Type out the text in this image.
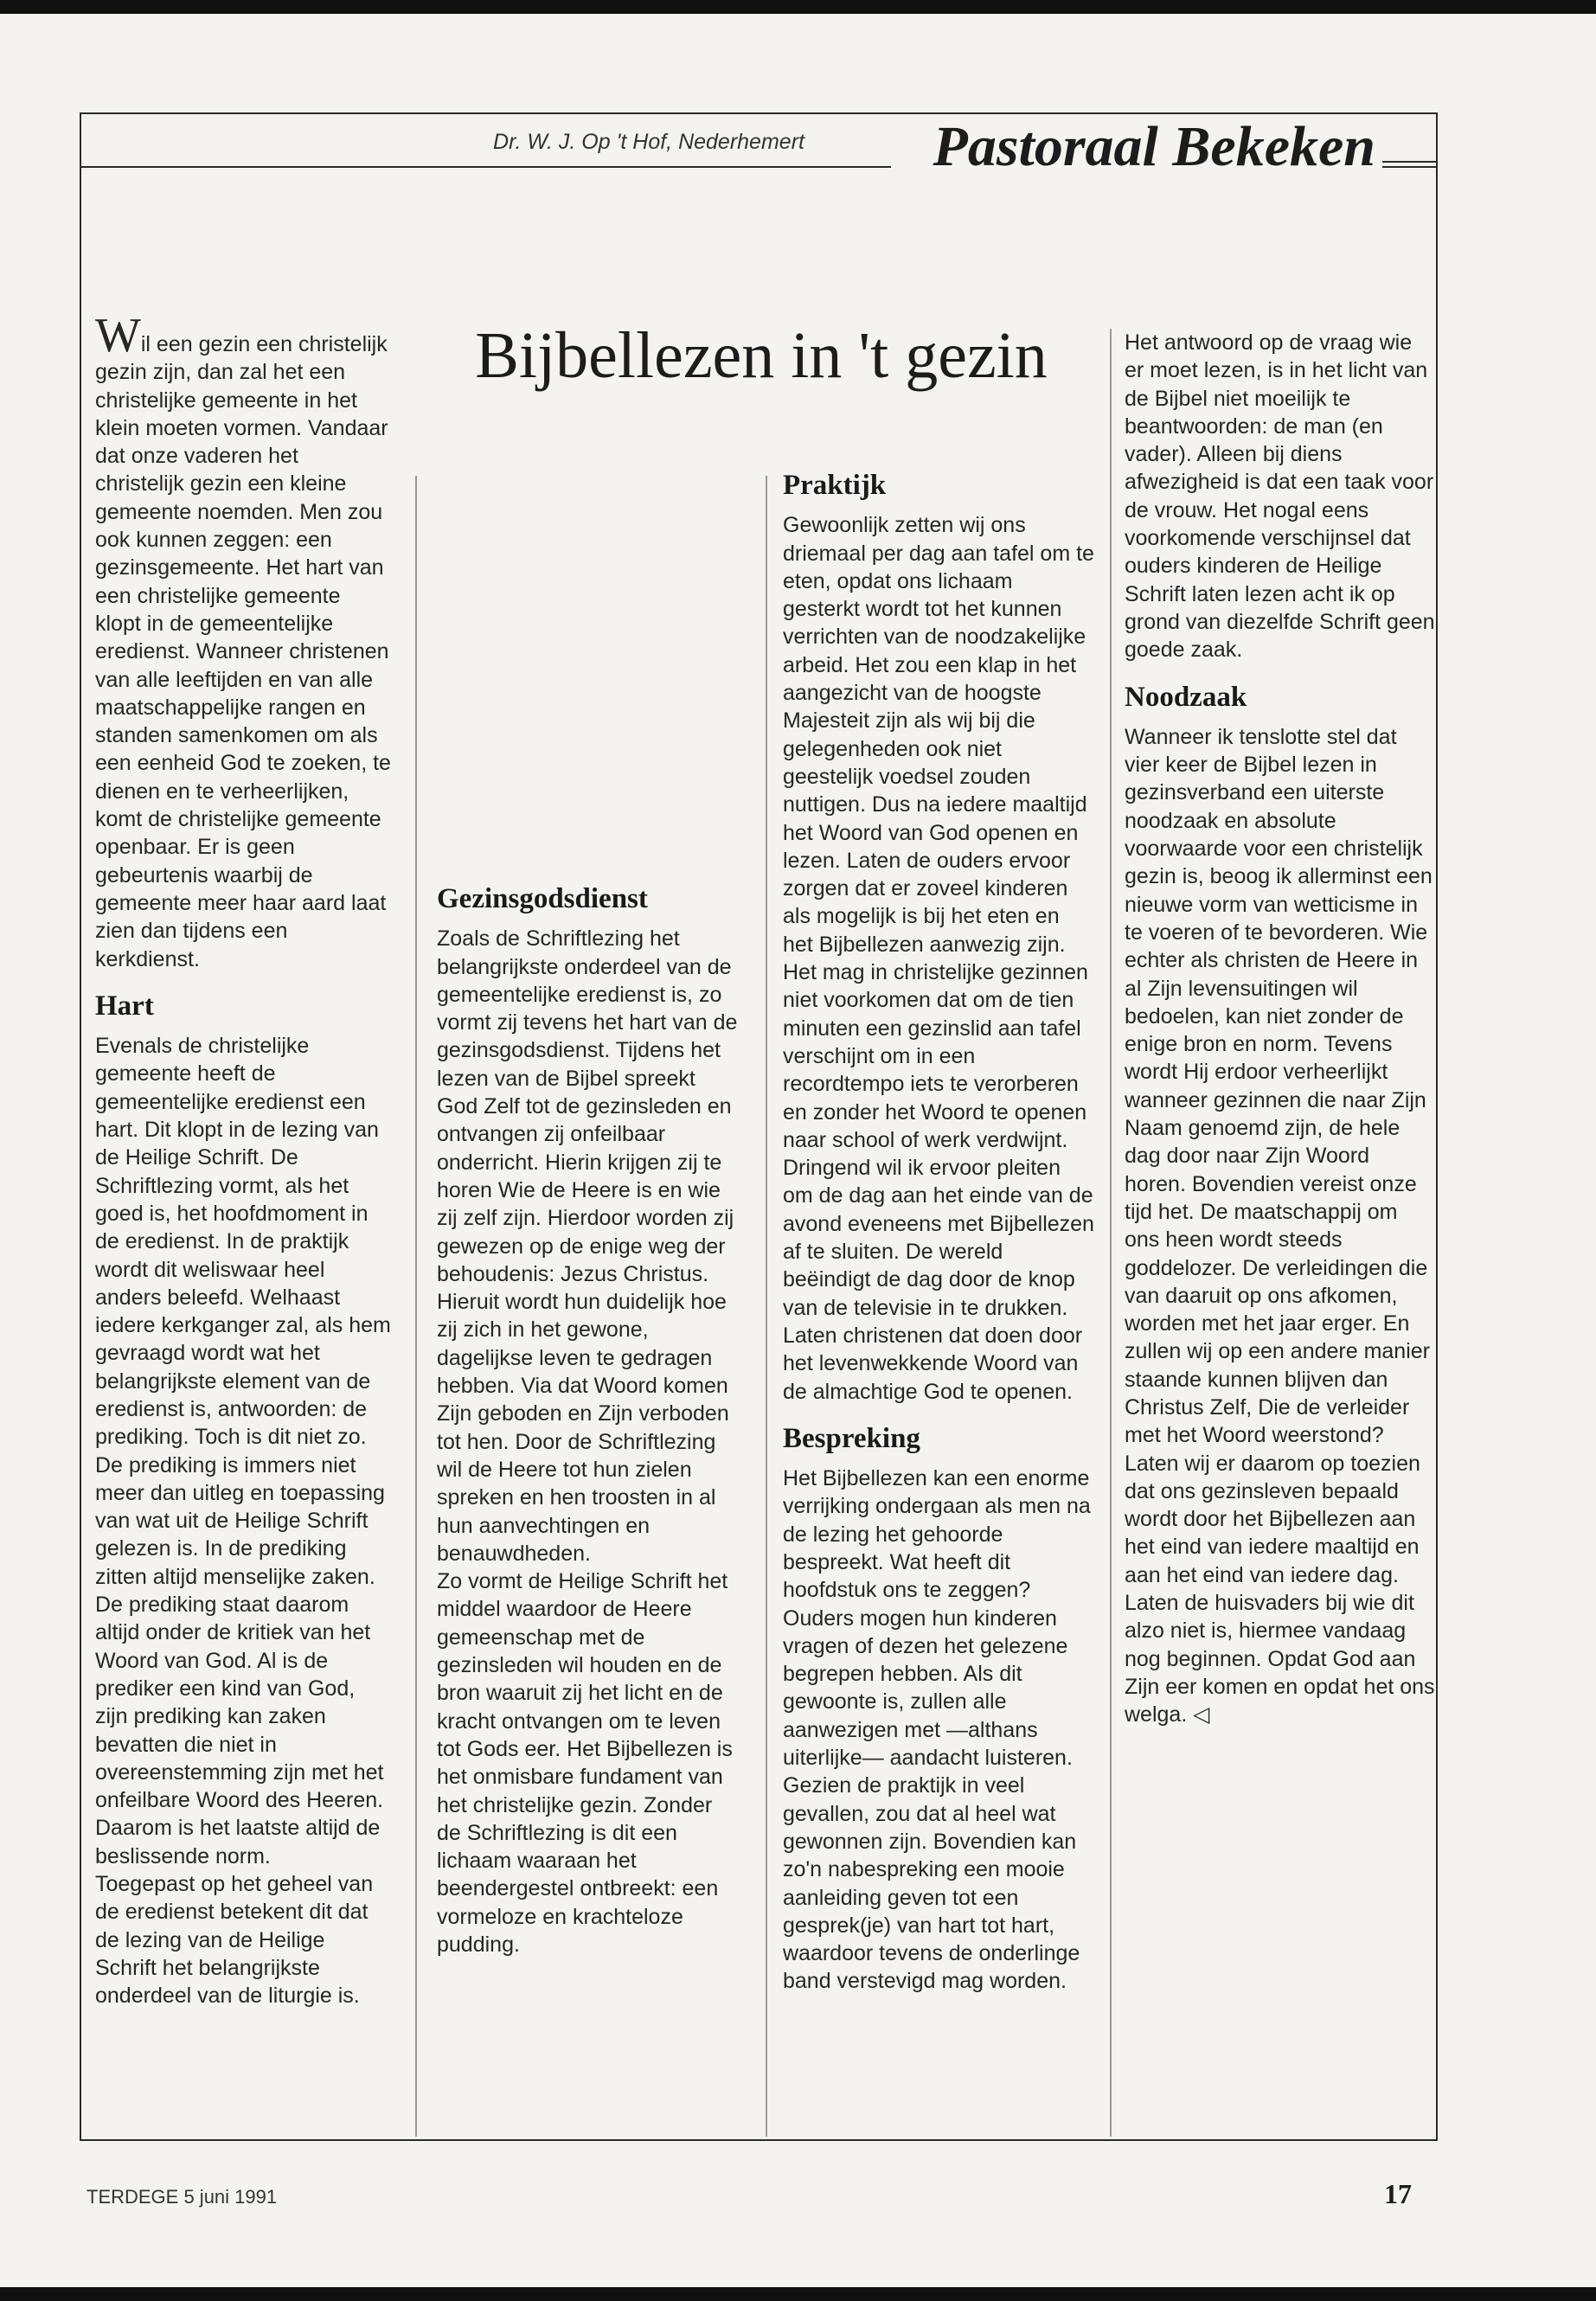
Dr. W. J. Op 't Hof, Nederhemert	Pastoraal Bekeken
Bijbellezen in 't gezin

Wil een gezin een christelijk gezin zijn, dan zal het een christelijke gemeente in het klein moeten vormen. Vandaar dat onze vaderen het christelijk gezin een kleine gemeente noemden. Men zou ook kunnen zeggen: een gezinsgemeente. Het hart van een christelijke gemeente klopt in de gemeentelijke eredienst. Wanneer christenen van alle leeftijden en van alle maatschappelijke rangen en standen samenkomen om als een eenheid God te zoeken, te dienen en te verheerlijken, komt de christelijke gemeente openbaar. Er is geen gebeurtenis waarbij de gemeente meer haar aard laat zien dan tijdens een kerkdienst.

Hart

Evenals de christelijke gemeente heeft de gemeentelijke eredienst een hart. Dit klopt in de lezing van de Heilige Schrift. De Schriftlezing vormt, als het goed is, het hoofdmoment in de eredienst. In de praktijk wordt dit weliswaar heel anders beleefd. Welhaast iedere kerkganger zal, als hem gevraagd wordt wat het belangrijkste element van de eredienst is, antwoorden: de prediking. Toch is dit niet zo. De prediking is immers niet meer dan uitleg en toepassing van wat uit de Heilige Schrift gelezen is. In de prediking zitten altijd menselijke zaken. De prediking staat daarom altijd onder de kritiek van het Woord van God. Al is de prediker een kind van God, zijn prediking kan zaken bevatten die niet in overeenstemming zijn met het onfeilbare Woord des Heeren. Daarom is het laatste altijd de beslissende norm.

Toegepast op het geheel van de eredienst betekent dit dat de lezing van de Heilige Schrift het belangrijkste onderdeel van de liturgie is.

Gezinsgodsdienst

Zoals de Schriftlezing het belangrijkste onderdeel van de gemeentelijke eredienst is, zo vormt zij tevens het hart van de gezinsgodsdienst. Tijdens het lezen van de Bijbel spreekt God Zelf tot de gezinsleden en ontvangen zij onfeilbaar onderricht. Hierin krijgen zij te horen Wie de Heere is en wie zij zelf zijn. Hierdoor worden zij gewezen op de enige weg der behoudenis: Jezus Christus. Hieruit wordt hun duidelijk hoe zij zich in het gewone, dagelijkse leven te gedragen hebben. Via dat Woord komen Zijn geboden en Zijn verboden tot hen. Door de Schriftlezing wil de Heere tot hun zielen spreken en hen troosten in al hun aanvechtingen en benauwdheden.

Zo vormt de Heilige Schrift het middel waardoor de Heere gemeenschap met de gezinsleden wil houden en de bron waaruit zij het licht en de kracht ontvangen om te leven tot Gods eer. Het Bijbellezen is het onmisbare fundament van het christelijke gezin. Zonder de Schriftlezing is dit een lichaam waaraan het beendergestel ontbreekt: een vormeloze en krachteloze pudding.

Praktijk

Gewoonlijk zetten wij ons driemaal per dag aan tafel om te eten, opdat ons lichaam gesterkt wordt tot het kunnen verrichten van de noodzakelijke arbeid. Het zou een klap in het aangezicht van de hoogste Majesteit zijn als wij bij die gelegenheden ook niet geestelijk voedsel zouden nuttigen. Dus na iedere maaltijd het Woord van God openen en lezen. Laten de ouders ervoor zorgen dat er zoveel kinderen als mogelijk is bij het eten en het Bijbellezen aanwezig zijn. Het mag in christelijke gezinnen niet voorkomen dat om de tien minuten een gezinslid aan tafel verschijnt om in een recordtempo iets te verorberen en zonder het Woord te openen naar school of werk verdwijnt. Dringend wil ik ervoor pleiten om de dag aan het einde van de avond eveneens met Bijbellezen af te sluiten. De wereld beëindigt de dag door de knop van de televisie in te drukken. Laten christenen dat doen door het levenwekkende Woord van de almachtige God te openen.

Bespreking

Het Bijbellezen kan een enorme verrijking ondergaan als men na de lezing het gehoorde bespreekt. Wat heeft dit hoofdstuk ons te zeggen? Ouders mogen hun kinderen vragen of dezen het gelezene begrepen hebben. Als dit gewoonte is, zullen alle aanwezigen met —althans uiterlijke— aandacht luisteren. Gezien de praktijk in veel gevallen, zou dat al heel wat gewonnen zijn. Bovendien kan zo'n nabespreking een mooie aanleiding geven tot een gesprek(je) van hart tot hart, waardoor tevens de onderlinge band verstevigd mag worden.

Het antwoord op de vraag wie er moet lezen, is in het licht van de Bijbel niet moeilijk te beantwoorden: de man (en vader). Alleen bij diens afwezigheid is dat een taak voor de vrouw. Het nogal eens voorkomende verschijnsel dat ouders kinderen de Heilige Schrift laten lezen acht ik op grond van diezelfde Schrift geen goede zaak.

Noodzaak

Wanneer ik tenslotte stel dat vier keer de Bijbel lezen in gezinsverband een uiterste noodzaak en absolute voorwaarde voor een christelijk gezin is, beoog ik allerminst een nieuwe vorm van wetticisme in te voeren of te bevorderen. Wie echter als christen de Heere in al Zijn levensuitingen wil bedoelen, kan niet zonder de enige bron en norm. Tevens wordt Hij erdoor verheerlijkt wanneer gezinnen die naar Zijn Naam genoemd zijn, de hele dag door naar Zijn Woord horen. Bovendien vereist onze tijd het. De maatschappij om ons heen wordt steeds goddelozer. De verleidingen die van daaruit op ons afkomen, worden met het jaar erger. En zullen wij op een andere manier staande kunnen blijven dan Christus Zelf, Die de verleider met het Woord weerstond?

Laten wij er daarom op toezien dat ons gezinsleven bepaald wordt door het Bijbellezen aan het eind van iedere maaltijd en aan het eind van iedere dag. Laten de huisvaders bij wie dit alzo niet is, hiermee vandaag nog beginnen. Opdat God aan Zijn eer komen en opdat het ons welga. ◁

TERDEGE 5 juni 1991	17
